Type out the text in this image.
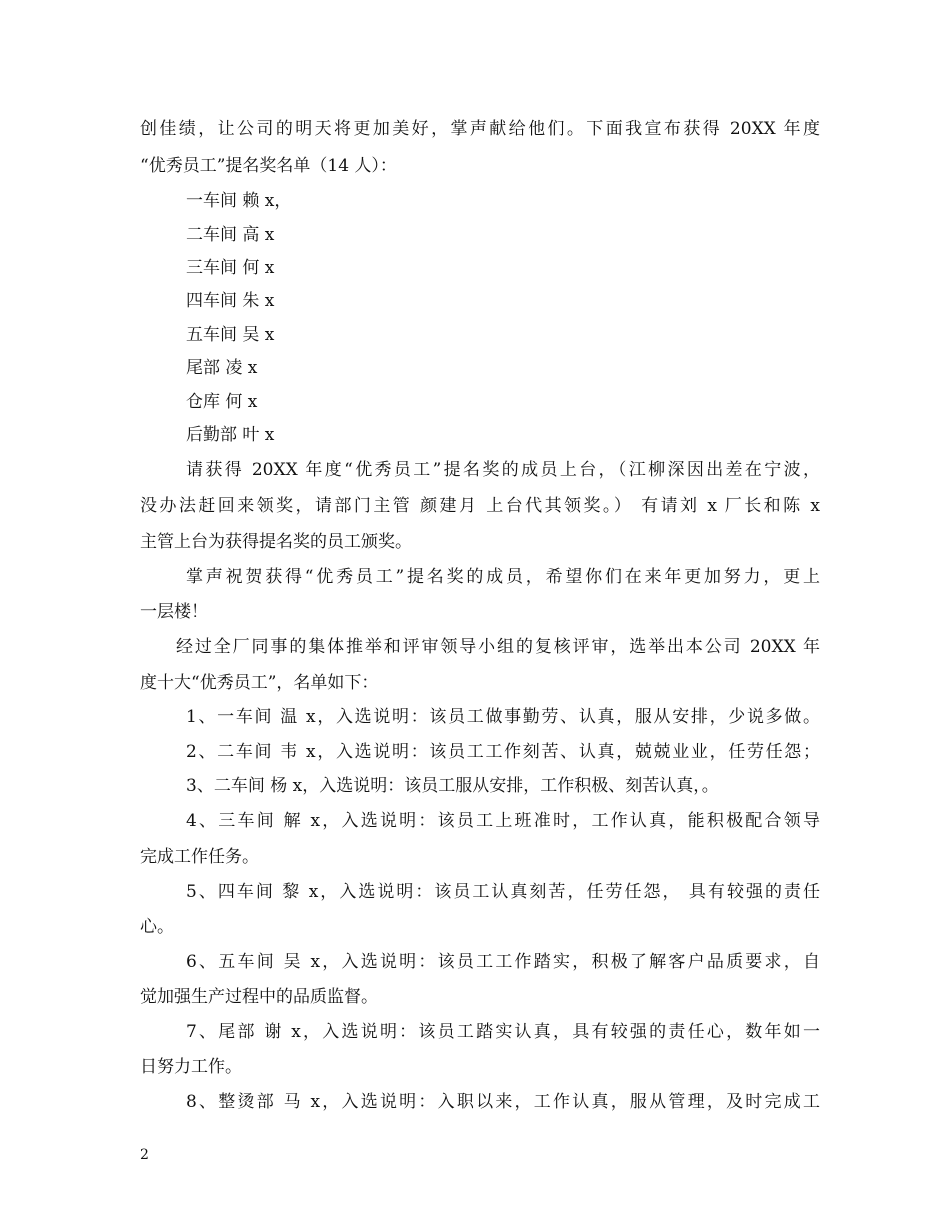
创佳绩，让公司的明天将更加美好，掌声献给他们。下面我宣布获得 20XX 年度
“优秀员工”提名奖名单（14 人）：
一车间 赖 x，
二车间 高 x
三车间 何 x
四车间 朱 x
五车间 吴 x
尾部 凌 x
仓库 何 x
后勤部 叶 x
请获得 20XX 年度“优秀员工”提名奖的成员上台，（江柳深因出差在宁波，
没办法赶回来领奖，请部门主管 颜建月 上台代其领奖。） 有请刘 x 厂长和陈 x
主管上台为获得提名奖的员工颁奖。
掌声祝贺获得“优秀员工”提名奖的成员，希望你们在来年更加努力，更上
一层楼！
经过全厂同事的集体推举和评审领导小组的复核评审，选举出本公司 20XX 年
度十大“优秀员工”，名单如下：
1、一车间 温 x，入选说明：该员工做事勤劳、认真，服从安排，少说多做。
2、二车间 韦 x，入选说明：该员工工作刻苦、认真，兢兢业业，任劳任怨；
3、二车间 杨 x，入选说明：该员工服从安排，工作积极、刻苦认真，。
4、三车间 解 x，入选说明：该员工上班准时，工作认真，能积极配合领导
完成工作任务。
5、四车间 黎 x，入选说明：该员工认真刻苦，任劳任怨， 具有较强的责任
心。
6、五车间 吴 x，入选说明：该员工工作踏实，积极了解客户品质要求，自
觉加强生产过程中的品质监督。
7、尾部 谢 x，入选说明：该员工踏实认真，具有较强的责任心，数年如一
日努力工作。
8、整烫部 马 x，入选说明：入职以来，工作认真，服从管理，及时完成工
2
